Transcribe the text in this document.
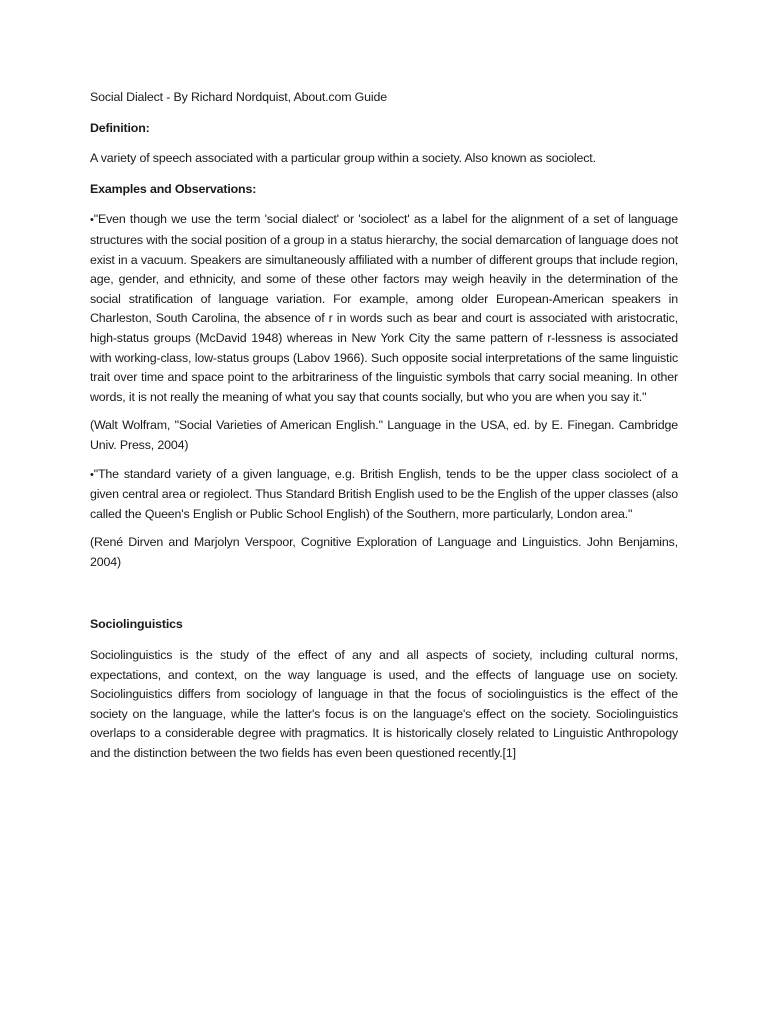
Social Dialect - By Richard Nordquist, About.com Guide

Definition:

A variety of speech associated with a particular group within a society. Also known as sociolect.

Examples and Observations:

•"Even though we use the term 'social dialect' or 'sociolect' as a label for the alignment of a set of language structures with the social position of a group in a status hierarchy, the social demarcation of language does not exist in a vacuum. Speakers are simultaneously affiliated with a number of different groups that include region, age, gender, and ethnicity, and some of these other factors may weigh heavily in the determination of the social stratification of language variation. For example, among older European-American speakers in Charleston, South Carolina, the absence of r in words such as bear and court is associated with aristocratic, high-status groups (McDavid 1948) whereas in New York City the same pattern of r-lessness is associated with working-class, low-status groups (Labov 1966). Such opposite social interpretations of the same linguistic trait over time and space point to the arbitrariness of the linguistic symbols that carry social meaning. In other words, it is not really the meaning of what you say that counts socially, but who you are when you say it."

(Walt Wolfram, "Social Varieties of American English." Language in the USA, ed. by E. Finegan. Cambridge Univ. Press, 2004)

•"The standard variety of a given language, e.g. British English, tends to be the upper class sociolect of a given central area or regiolect. Thus Standard British English used to be the English of the upper classes (also called the Queen's English or Public School English) of the Southern, more particularly, London area."

(René Dirven and Marjolyn Verspoor, Cognitive Exploration of Language and Linguistics. John Benjamins, 2004)

Sociolinguistics

Sociolinguistics is the study of the effect of any and all aspects of society, including cultural norms, expectations, and context, on the way language is used, and the effects of language use on society. Sociolinguistics differs from sociology of language in that the focus of sociolinguistics is the effect of the society on the language, while the latter's focus is on the language's effect on the society. Sociolinguistics overlaps to a considerable degree with pragmatics. It is historically closely related to Linguistic Anthropology and the distinction between the two fields has even been questioned recently.[1]
